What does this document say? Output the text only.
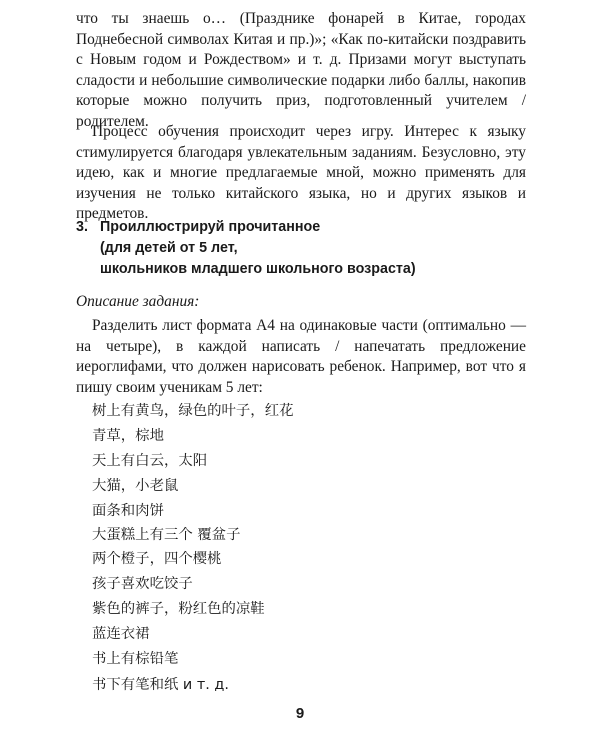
что ты знаешь о… (Празднике фонарей в Китае, городах Поднебесной символах Китая и пр.)»; «Как по-китайски поздравить с Новым годом и Рождеством» и т. д. Призами могут выступать сладости и небольшие символические подарки либо баллы, накопив которые можно получить приз, подготовленный учителем / родителем.
Процесс обучения происходит через игру. Интерес к языку стимулируется благодаря увлекательным заданиям. Безусловно, эту идею, как и многие предлагаемые мной, можно применять для изучения не только китайского языка, но и других языков и предметов.
3. Проиллюстрируй прочитанное
(для детей от 5 лет,
школьников младшего школьного возраста)
Описание задания:
Разделить лист формата А4 на одинаковые части (оптимально — на четыре), в каждой написать / напечатать предложение иероглифами, что должен нарисовать ребенок. Например, вот что я пишу своим ученикам 5 лет:
树上有黄鸟，绿色的叶子，红花
青草，棕地
天上有白云，太阳
大猫，小老鼠
面条和肉饼
大蛋糕上有三个 覆盆子
两个橙子，四个樱桃
孩子喜欢吃饺子
紫色的裤子，粉红色的凉鞋
蓝连衣裙
书上有棕铅笔
书下有笔和纸 и т. д.
9
